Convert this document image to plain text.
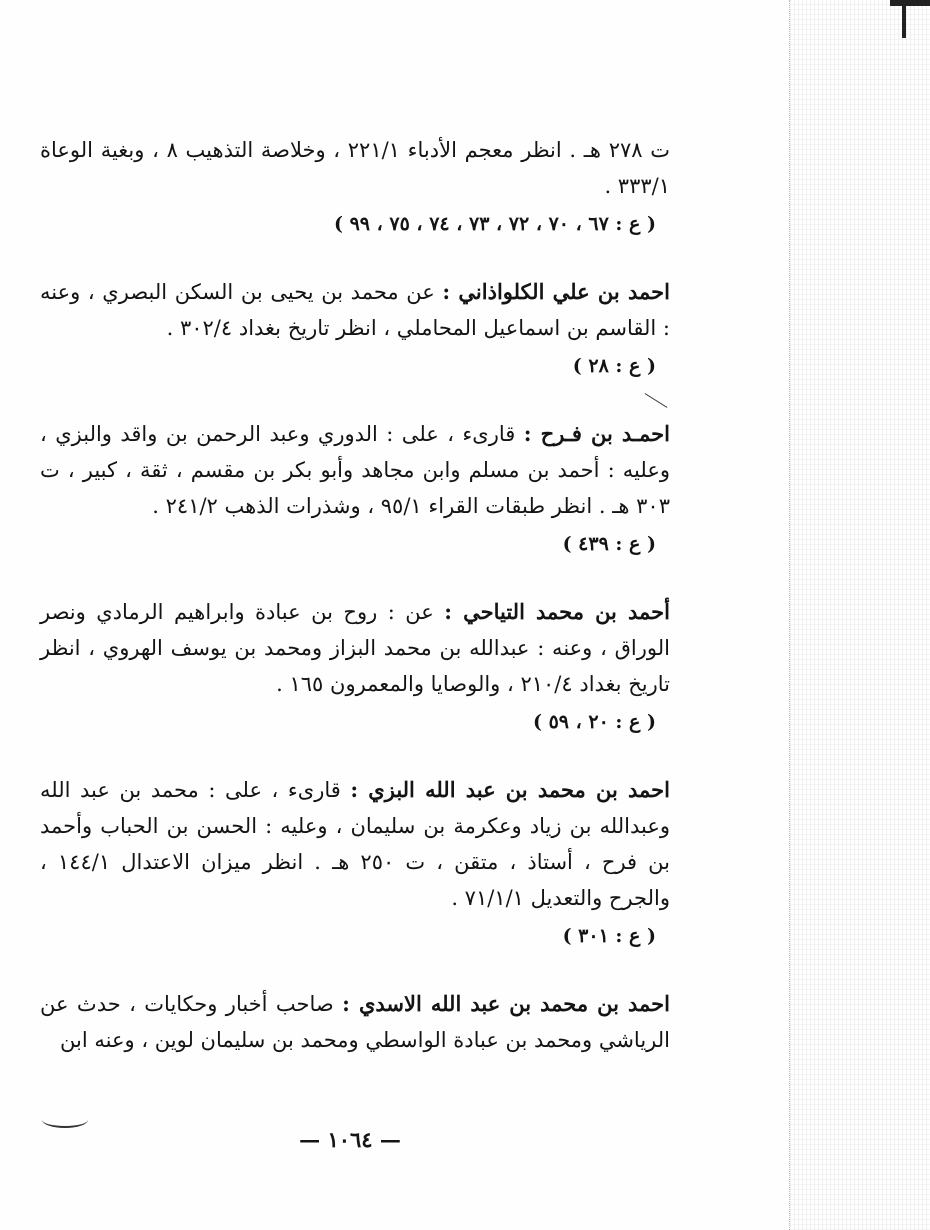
ت ٢٧٨ هـ . انظر معجم الأدباء ٢٢١/١ ، وخلاصة التذهيب ٨ ، وبغية الوعاة ٣٣٣/١ .

( ع : ٦٧ ، ٧٠ ، ٧٢ ، ٧٣ ، ٧٤ ، ٧٥ ، ٩٩ )

احمد بن علي الكلواذاني : عن محمد بن يحيى بن السكن البصري ، وعنه : القاسم بن اسماعيل المحاملي ، انظر تاريخ بغداد ٣٠٢/٤ .

( ع : ٢٨ )

احمـد بن فـرح : قارىء ، على : الدوري وعبد الرحمن بن واقد والبزي ، وعليه : أحمد بن مسلم وابن مجاهد وأبو بكر بن مقسم ، ثقة ، كبير ، ت ٣٠٣ هـ . انظر طبقات القراء ٩٥/١ ، وشذرات الذهب ٢٤١/٢ .

( ع : ٤٣٩ )

أحمد بن محمد التياحي : عن : روح بن عبادة وابراهيم الرمادي ونصر الوراق ، وعنه : عبدالله بن محمد البزاز ومحمد بن يوسف الهروي ، انظر تاريخ بغداد ٢١٠/٤ ، والوصايا والمعمرون ١٦٥ .

( ع : ٢٠ ، ٥٩ )

احمد بن محمد بن عبد الله البزي : قارىء ، على : محمد بن عبد الله وعبدالله بن زياد وعكرمة بن سليمان ، وعليه : الحسن بن الحباب وأحمد بن فرح ، أستاذ ، متقن ، ت ٢٥٠ هـ . انظر ميزان الاعتدال ١٤٤/١ ، والجرح والتعديل ٧١/١/١ .

( ع : ٣٠١ )

احمد بن محمد بن عبد الله الاسدي : صاحب أخبار وحكايات ، حدث عن الرياشي ومحمد بن عبادة الواسطي ومحمد بن سليمان لوين ، وعنه ابن

— ١٠٦٤ —
